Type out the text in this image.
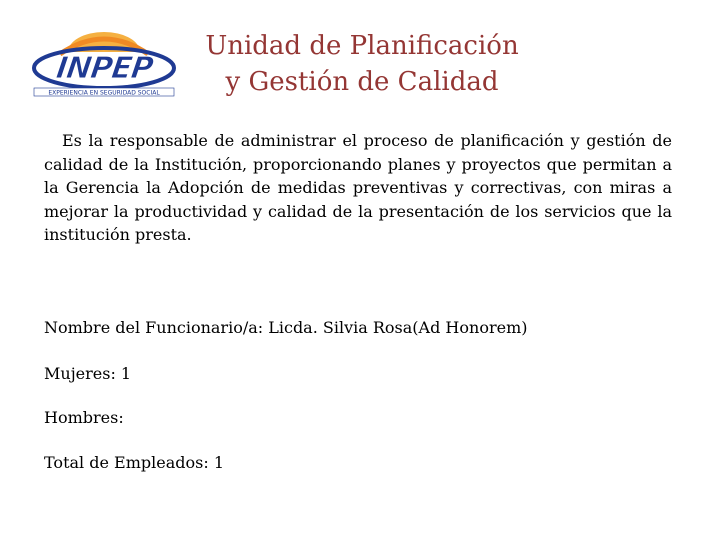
INPEP
EXPERIENCIA EN SEGURIDAD SOCIAL
Unidad de Planificación
y Gestión de Calidad
Es la responsable de administrar el proceso de planificación y gestión de calidad de la Institución, proporcionando planes y proyectos que permitan a la Gerencia la Adopción de medidas preventivas y correctivas, con miras a mejorar la productividad y calidad de la presentación de los servicios que la institución presta.
Nombre del Funcionario/a: Licda. Silvia Rosa(Ad Honorem)
Mujeres: 1
Hombres:
Total de Empleados: 1
